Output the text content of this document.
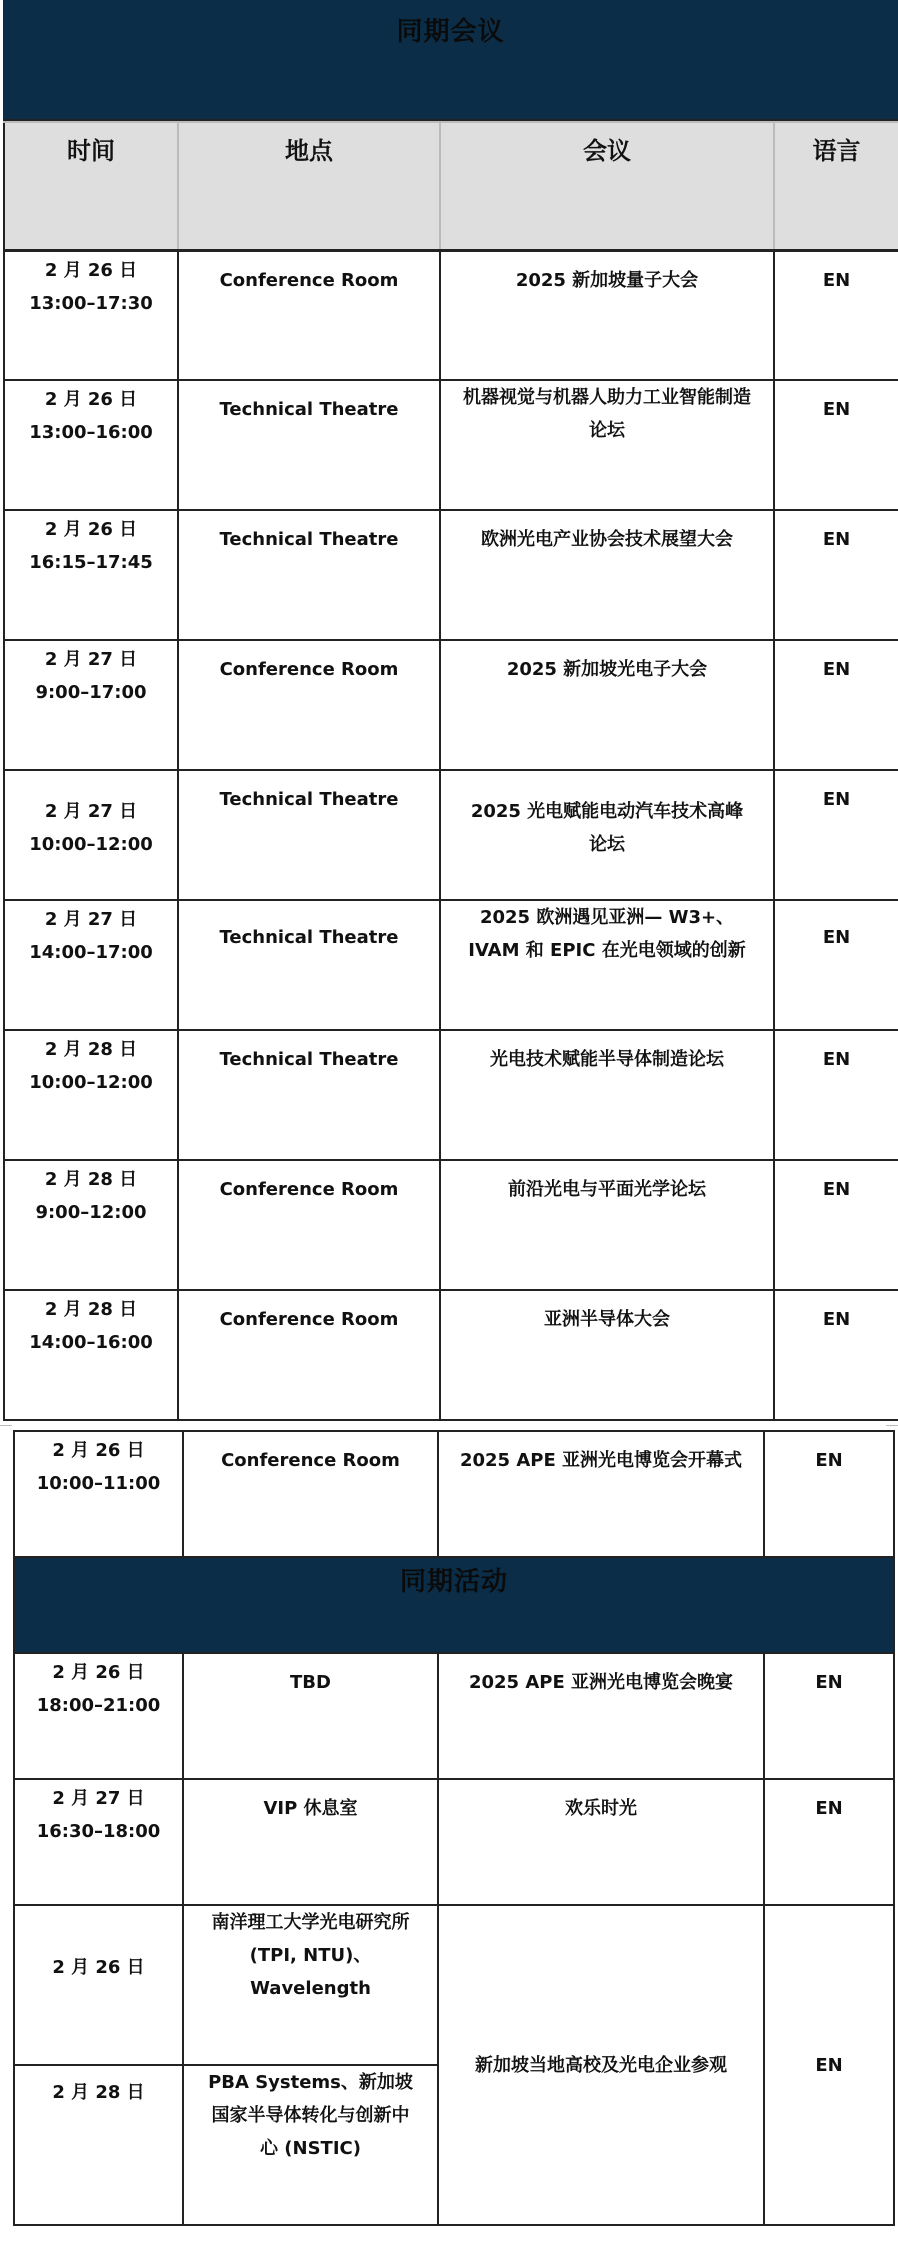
同期会议
时间	地点	会议	语言

2 月 26 日
13:00–17:30	Conference Room	2025 新加坡量子大会	EN

2 月 26 日
13:00–16:00	Technical Theatre	机器视觉与机器人助力工业智能制造论坛	EN

2 月 26 日
16:15–17:45	Technical Theatre	欧洲光电产业协会技术展望大会	EN

2 月 27 日
9:00–17:00	Conference Room	2025 新加坡光电子大会	EN

2 月 27 日
10:00–12:00	Technical Theatre	2025 光电赋能电动汽车技术高峰论坛	EN

2 月 27 日
14:00–17:00	Technical Theatre	2025 欧洲遇见亚洲— W3+、IVAM 和 EPIC 在光电领域的创新	EN

2 月 28 日
10:00–12:00	Technical Theatre	光电技术赋能半导体制造论坛	EN

2 月 28 日
9:00–12:00	Conference Room	前沿光电与平面光学论坛	EN

2 月 28 日
14:00–16:00	Conference Room	亚洲半导体大会	EN
2 月 26 日
10:00–11:00	Conference Room	2025 APE 亚洲光电博览会开幕式	EN
同期活动			

2 月 26 日
18:00–21:00	TBD	2025 APE 亚洲光电博览会晚宴	EN

2 月 27 日
16:30–18:00	VIP 休息室	欢乐时光	EN

2 月 26 日	南洋理工大学光电研究所 (TPI, NTU)、Wavelength	新加坡当地高校及光电企业参观	EN

2 月 28 日	PBA Systems、新加坡国家半导体转化与创新中心 (NSTIC)		
